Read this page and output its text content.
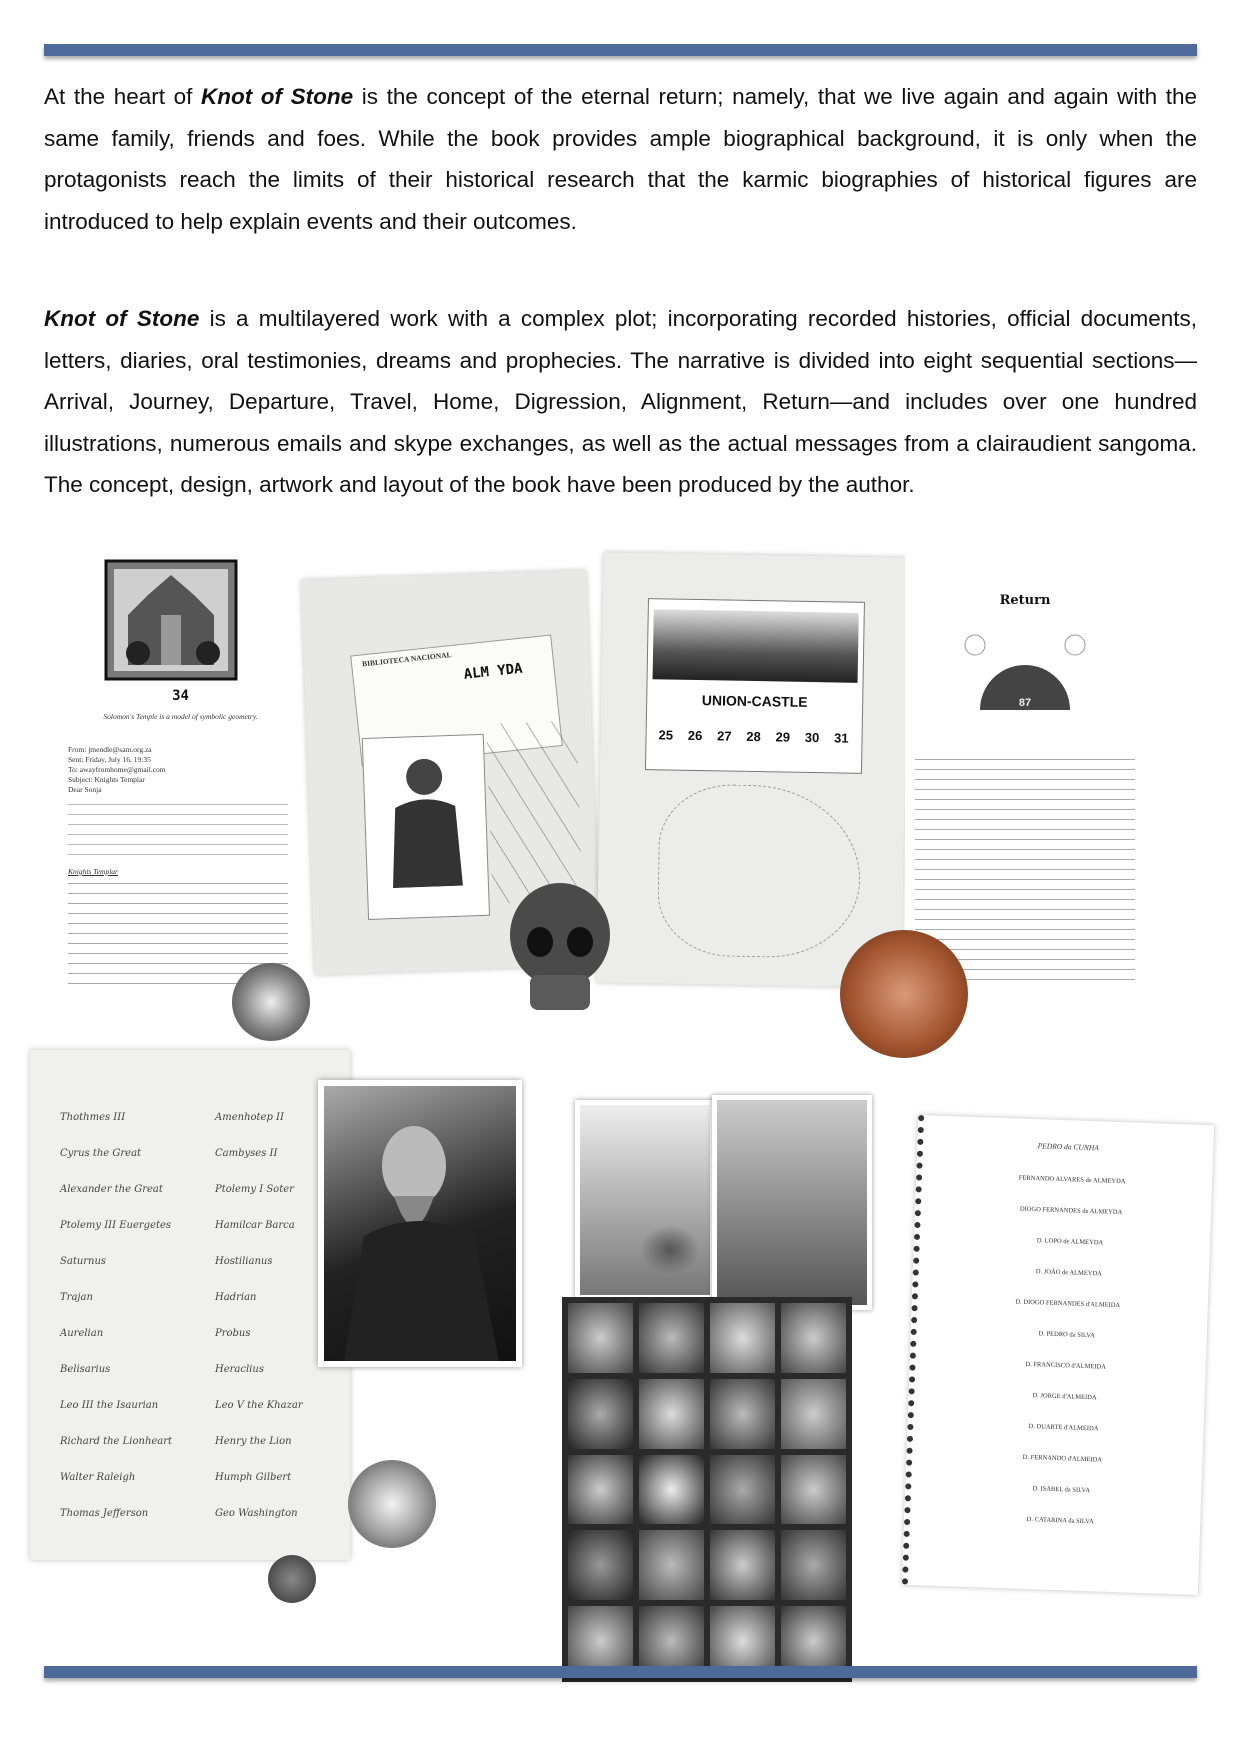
At the heart of Knot of Stone is the concept of the eternal return; namely, that we live again and again with the same family, friends and foes. While the book provides ample biographical background, it is only when the protagonists reach the limits of their historical research that the karmic biographies of historical figures are introduced to help explain events and their outcomes.

Knot of Stone is a multilayered work with a complex plot; incorporating recorded histories, official documents, letters, diaries, oral testimonies, dreams and prophecies. The narrative is divided into eight sequential sections—Arrival, Journey, Departure, Travel, Home, Digression, Alignment, Return—and includes over one hundred illustrations, numerous emails and skype exchanges, as well as the actual messages from a clairaudient sangoma. The concept, design, artwork and layout of the book have been produced by the author.

34
Solomon's Temple is a model of symbolic geometry.
From: jmendle@sam.org.za
Sent: Friday, July 16, 19:35
To: awayfromhome@gmail.com
Subject: Knights Templar
Dear Sonja
Knights Templar
BIBLIOTECA NACIONAL
ALM YDA
UNION-CASTLE
25 26 27 28 29 30 31
Return
87
Thothmes III
Cyrus the Great
Alexander the Great
Ptolemy III Euergetes
Saturnus
Trajan
Aurelian
Belisarius
Leo III the Isaurian
Richard the Lionheart
Walter Raleigh
Thomas Jefferson
Amenhotep II
Cambyses II
Ptolemy I Soter
Hamilcar Barca
Hostilianus
Hadrian
Probus
Heraclius
Leo V the Khazar
Henry the Lion
Humph Gilbert
Geo Washington
PEDRO da CUNHA
FERNANDO ALVARES de ALMEYDA
DIOGO FERNANDES de ALMEYDA
D. LOPO de ALMEYDA
D. JOÃO de ALMEYDA
D. DIOGO FERNANDES d'ALMEIDA
D. PEDRO da SILVA
D. FRANCISCO d'ALMEIDA
D. JORGE d'ALMEIDA
D. DUARTE d'ALMEIDA
D. FERNANDO d'ALMEIDA
D. ISABEL da SILVA
D. CATARINA da SILVA
